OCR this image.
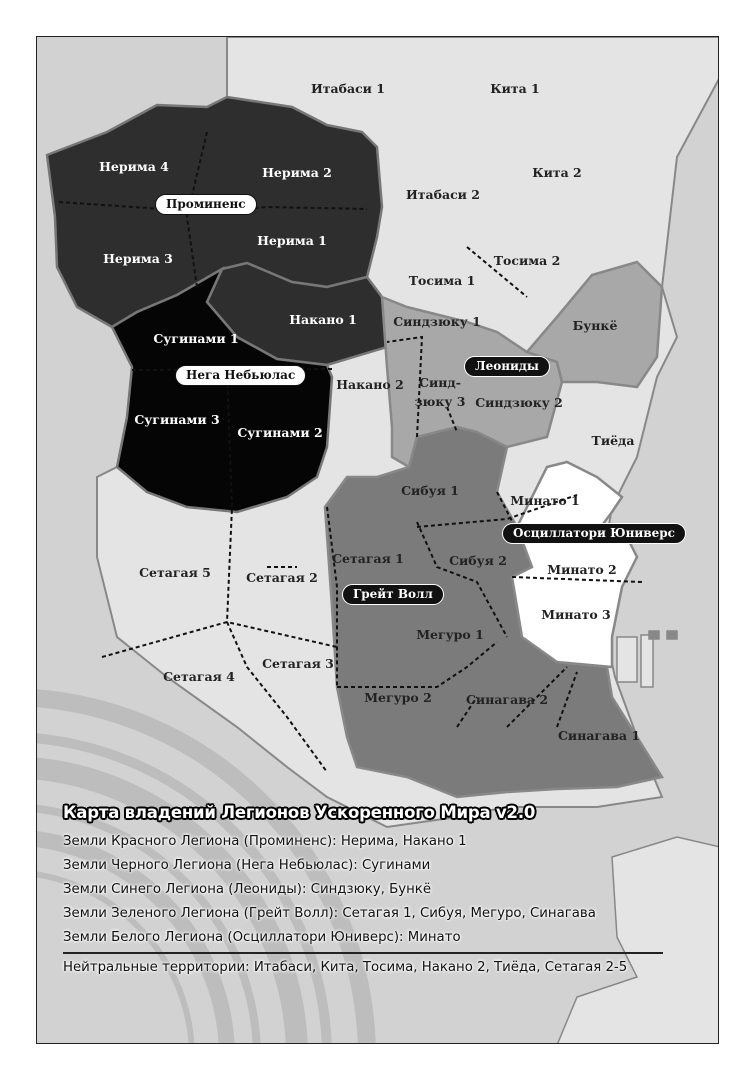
Итабаси 1	Кита 1
Нерима 4	Нерима 2	Кита 2
Итабаси 2
Нерима 1
Нерима 3	Тосима 2
Тосима 1
Сугинами 1
Накано 1	Синдзюку 1	Бункё
Накано 2 Синд-
зюку 3 Синдзюку 2
Сугинами 3
Сугинами 2
Тиёда
Сибуя 1
Минато 1
Сетагая 1	Сибуя 2
Сетагая 5	Сетагая 2
Минато 2
Минато 3
Мегуро 1
Сетагая 4
Сетагая 3
Мегуро 2	Синагава 2
Синагава 1
Проминенс
Нега Небьюлас
Леониды
Осциллатори Юниверс
Грейт Волл
Карта владений Легионов Ускоренного Мира v2.0
Земли Красного Легиона (Проминенс): Нерима, Накано 1
Земли Черного Легиона (Нега Небьюлас): Сугинами
Земли Синего Легиона (Леониды): Синдзюку, Бункё
Земли Зеленого Легиона (Грейт Волл): Сетагая 1, Сибуя, Мегуро, Синагава
Земли Белого Легиона (Осциллатори Юниверс): Минато
Нейтральные территории: Итабаси, Кита, Тосима, Накано 2, Тиёда, Сетагая 2-5
